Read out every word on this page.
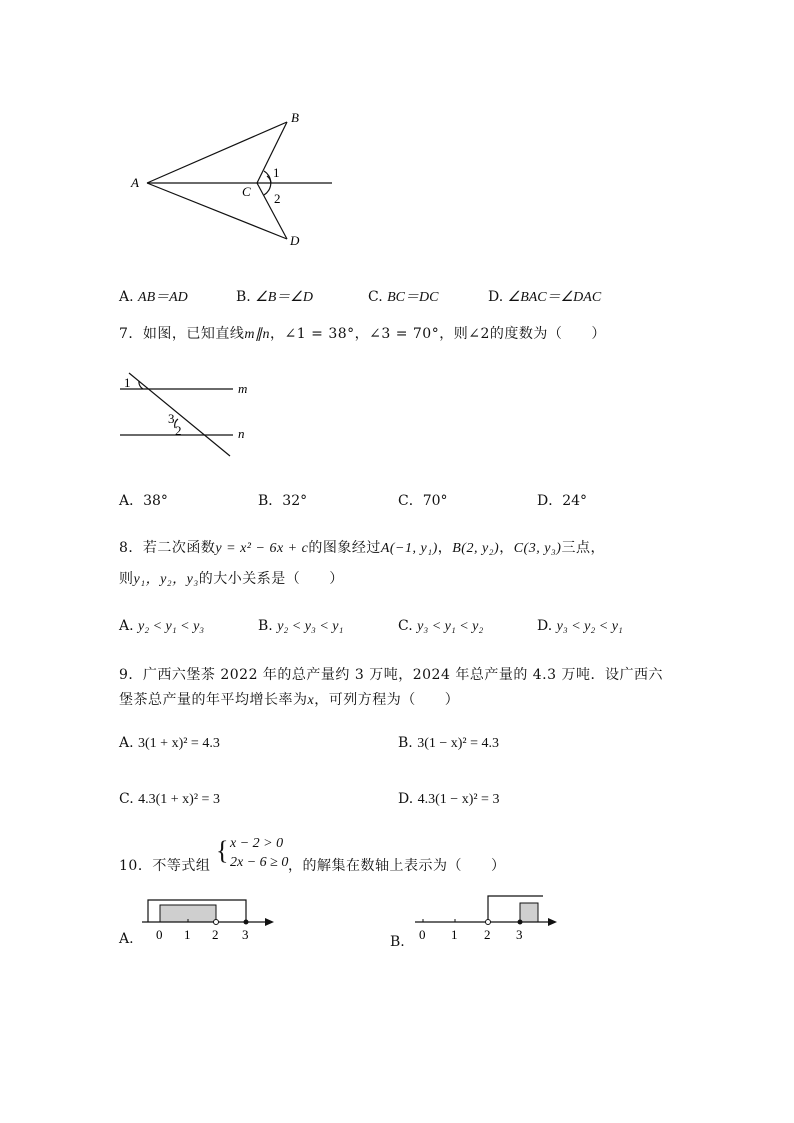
A
B
C
D
1
2
A. AB＝AD	B. ∠B＝∠D	C. BC＝DC	D. ∠BAC＝∠DAC
7．如图，已知直线m∥n，∠1 = 38°，∠3 = 70°，则∠2的度数为（　　）
1
3
2
m
n
A．38°	B．32°	C．70°	D．24°
8．若二次函数y = x² − 6x + c的图象经过A(−1, y₁)，B(2, y₂)，C(3, y₃)三点，
则y₁，y₂，y₃的大小关系是（　　）
A. y₂ < y₁ < y₃	B. y₂ < y₃ < y₁	C. y₃ < y₁ < y₂	D. y₃ < y₂ < y₁
9．广西六堡茶 2022 年的总产量约 3 万吨，2024 年总产量的 4.3 万吨．设广西六
堡茶总产量的年平均增长率为x，可列方程为（　　）
A. 3(1 + x)² = 4.3	B. 3(1 − x)² = 4.3
C. 4.3(1 + x)² = 3	D. 4.3(1 − x)² = 3
10．不等式组
{ x − 2 > 0
2x − 6 ≥ 0 ，的解集在数轴上表示为（　　）
A. 0 1 2 3	B. 0 1 2 3
